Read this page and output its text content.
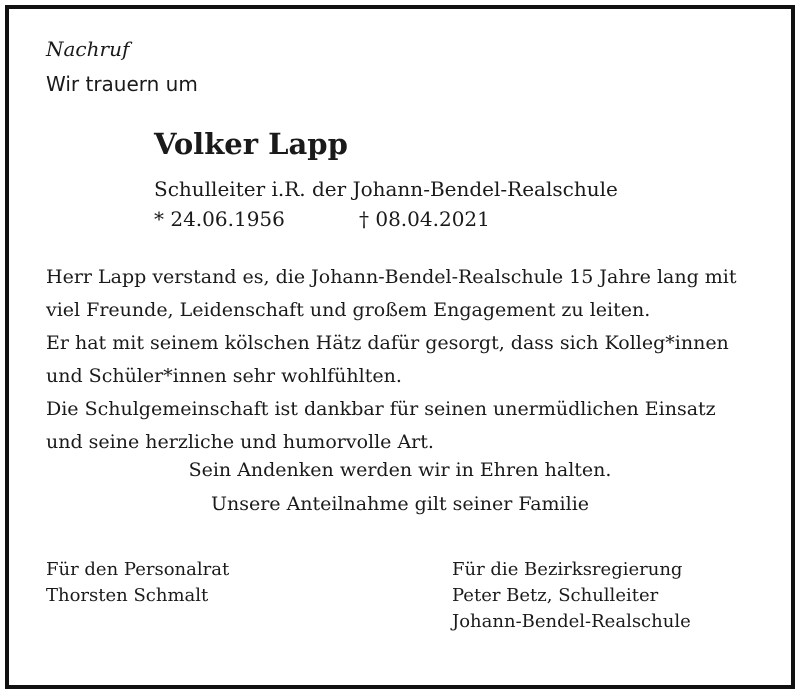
Nachruf
Wir trauern um
Volker Lapp
Schulleiter i.R. der Johann-Bendel-Realschule
* 24.06.1956	† 08.04.2021
Herr Lapp verstand es, die Johann-Bendel-Realschule 15 Jahre lang mit
viel Freunde, Leidenschaft und großem Engagement zu leiten.
Er hat mit seinem kölschen Hätz dafür gesorgt, dass sich Kolleg*innen
und Schüler*innen sehr wohlfühlten.
Die Schulgemeinschaft ist dankbar für seinen unermüdlichen Einsatz
und seine herzliche und humorvolle Art.
Sein Andenken werden wir in Ehren halten.
Unsere Anteilnahme gilt seiner Familie
Für den Personalrat
Thorsten Schmalt
Für die Bezirksregierung
Peter Betz, Schulleiter
Johann-Bendel-Realschule
